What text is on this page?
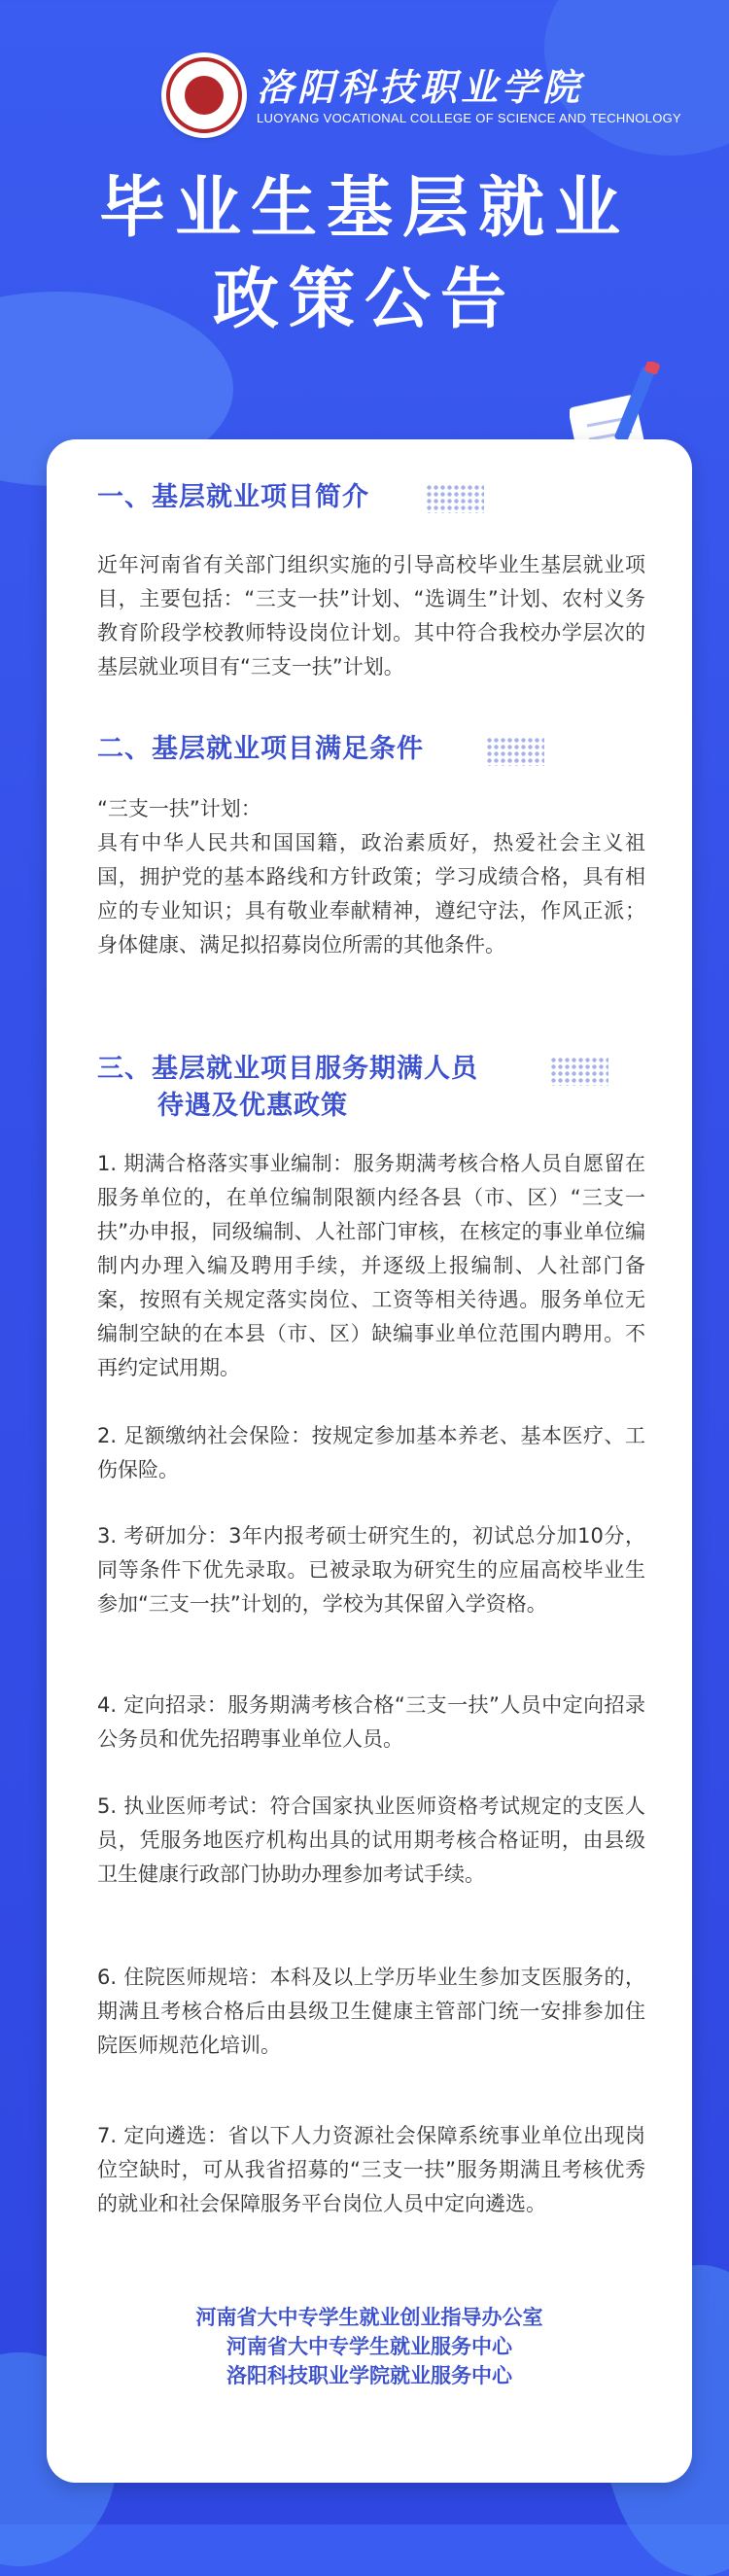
洛阳科技职业学院
LUOYANG VOCATIONAL COLLEGE OF SCIENCE AND TECHNOLOGY
毕业生基层就业
政策公告
一、基层就业项目简介
近年河南省有关部门组织实施的引导高校毕业生基层就业项目，主要包括：“三支一扶”计划、“选调生”计划、农村义务教育阶段学校教师特设岗位计划。其中符合我校办学层次的基层就业项目有“三支一扶”计划。
二、基层就业项目满足条件
“三支一扶”计划：
具有中华人民共和国国籍，政治素质好，热爱社会主义祖国，拥护党的基本路线和方针政策；学习成绩合格，具有相应的专业知识；具有敬业奉献精神，遵纪守法，作风正派；身体健康、满足拟招募岗位所需的其他条件。
三、基层就业项目服务期满人员
待遇及优惠政策
1. 期满合格落实事业编制：服务期满考核合格人员自愿留在服务单位的，在单位编制限额内经各县（市、区）“三支一扶”办申报，同级编制、人社部门审核，在核定的事业单位编制内办理入编及聘用手续，并逐级上报编制、人社部门备案，按照有关规定落实岗位、工资等相关待遇。服务单位无编制空缺的在本县（市、区）缺编事业单位范围内聘用。不再约定试用期。
2. 足额缴纳社会保险：按规定参加基本养老、基本医疗、工伤保险。
3. 考研加分：3年内报考硕士研究生的，初试总分加10分，同等条件下优先录取。已被录取为研究生的应届高校毕业生参加“三支一扶”计划的，学校为其保留入学资格。
4. 定向招录：服务期满考核合格“三支一扶”人员中定向招录公务员和优先招聘事业单位人员。
5. 执业医师考试：符合国家执业医师资格考试规定的支医人员，凭服务地医疗机构出具的试用期考核合格证明，由县级卫生健康行政部门协助办理参加考试手续。
6. 住院医师规培：本科及以上学历毕业生参加支医服务的，期满且考核合格后由县级卫生健康主管部门统一安排参加住院医师规范化培训。
7. 定向遴选：省以下人力资源社会保障系统事业单位出现岗位空缺时，可从我省招募的“三支一扶”服务期满且考核优秀的就业和社会保障服务平台岗位人员中定向遴选。
河南省大中专学生就业创业指导办公室
河南省大中专学生就业服务中心
洛阳科技职业学院就业服务中心
